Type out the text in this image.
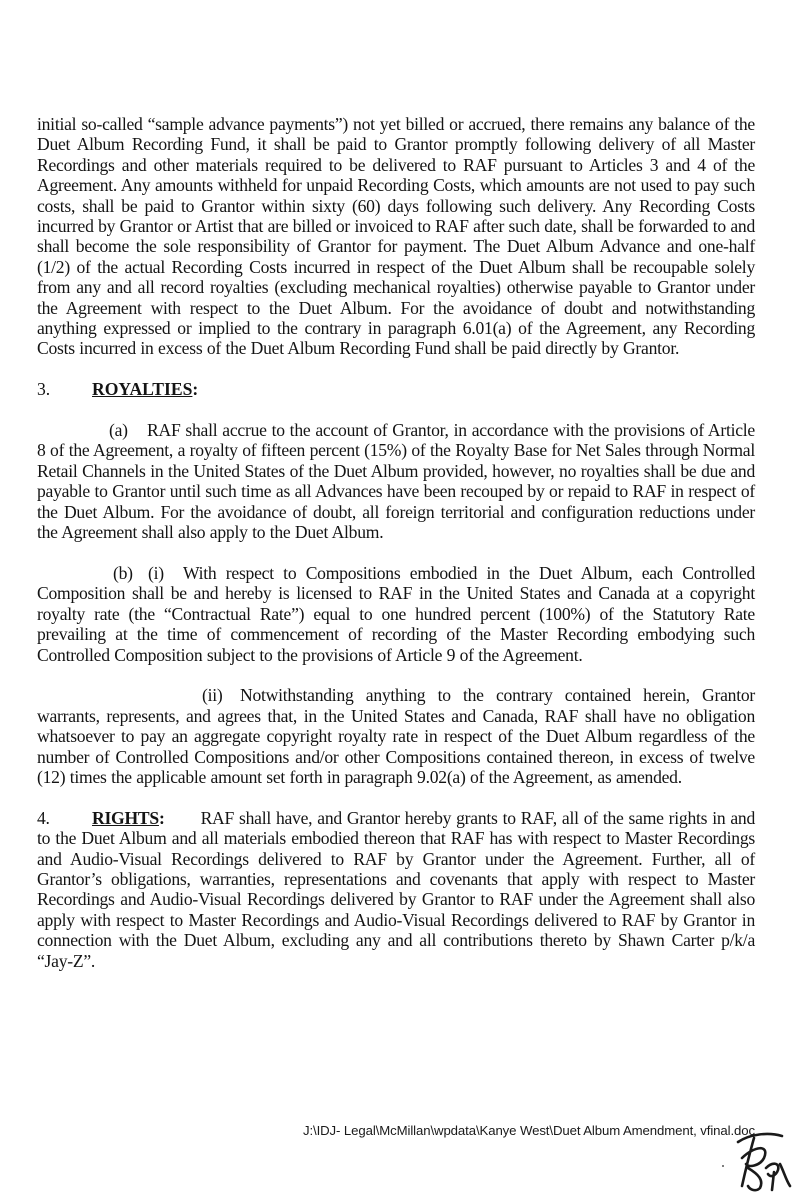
initial so-called “sample advance payments”) not yet billed or accrued, there remains any balance of the Duet Album Recording Fund, it shall be paid to Grantor promptly following delivery of all Master Recordings and other materials required to be delivered to RAF pursuant to Articles 3 and 4 of the Agreement. Any amounts withheld for unpaid Recording Costs, which amounts are not used to pay such costs, shall be paid to Grantor within sixty (60) days following such delivery. Any Recording Costs incurred by Grantor or Artist that are billed or invoiced to RAF after such date, shall be forwarded to and shall become the sole responsibility of Grantor for payment. The Duet Album Advance and one-half (1/2) of the actual Recording Costs incurred in respect of the Duet Album shall be recoupable solely from any and all record royalties (excluding mechanical royalties) otherwise payable to Grantor under the Agreement with respect to the Duet Album. For the avoidance of doubt and notwithstanding anything expressed or implied to the contrary in paragraph 6.01(a) of the Agreement, any Recording Costs incurred in excess of the Duet Album Recording Fund shall be paid directly by Grantor.

3.	ROYALTIES:

(a) RAF shall accrue to the account of Grantor, in accordance with the provisions of Article 8 of the Agreement, a royalty of fifteen percent (15%) of the Royalty Base for Net Sales through Normal Retail Channels in the United States of the Duet Album provided, however, no royalties shall be due and payable to Grantor until such time as all Advances have been recouped by or repaid to RAF in respect of the Duet Album. For the avoidance of doubt, all foreign territorial and configuration reductions under the Agreement shall also apply to the Duet Album.

(b) (i) With respect to Compositions embodied in the Duet Album, each Controlled Composition shall be and hereby is licensed to RAF in the United States and Canada at a copyright royalty rate (the “Contractual Rate”) equal to one hundred percent (100%) of the Statutory Rate prevailing at the time of commencement of recording of the Master Recording embodying such Controlled Composition subject to the provisions of Article 9 of the Agreement.

(ii) Notwithstanding anything to the contrary contained herein, Grantor warrants, represents, and agrees that, in the United States and Canada, RAF shall have no obligation whatsoever to pay an aggregate copyright royalty rate in respect of the Duet Album regardless of the number of Controlled Compositions and/or other Compositions contained thereon, in excess of twelve (12) times the applicable amount set forth in paragraph 9.02(a) of the Agreement, as amended.

4. RIGHTS: RAF shall have, and Grantor hereby grants to RAF, all of the same rights in and to the Duet Album and all materials embodied thereon that RAF has with respect to Master Recordings and Audio-Visual Recordings delivered to RAF by Grantor under the Agreement. Further, all of Grantor’s obligations, warranties, representations and covenants that apply with respect to Master Recordings and Audio-Visual Recordings delivered by Grantor to RAF under the Agreement shall also apply with respect to Master Recordings and Audio-Visual Recordings delivered to RAF by Grantor in connection with the Duet Album, excluding any and all contributions thereto by Shawn Carter p/k/a “Jay-Z”.

J:\IDJ- Legal\McMillan\wpdata\Kanye West\Duet Album Amendment, vfinal.doc
